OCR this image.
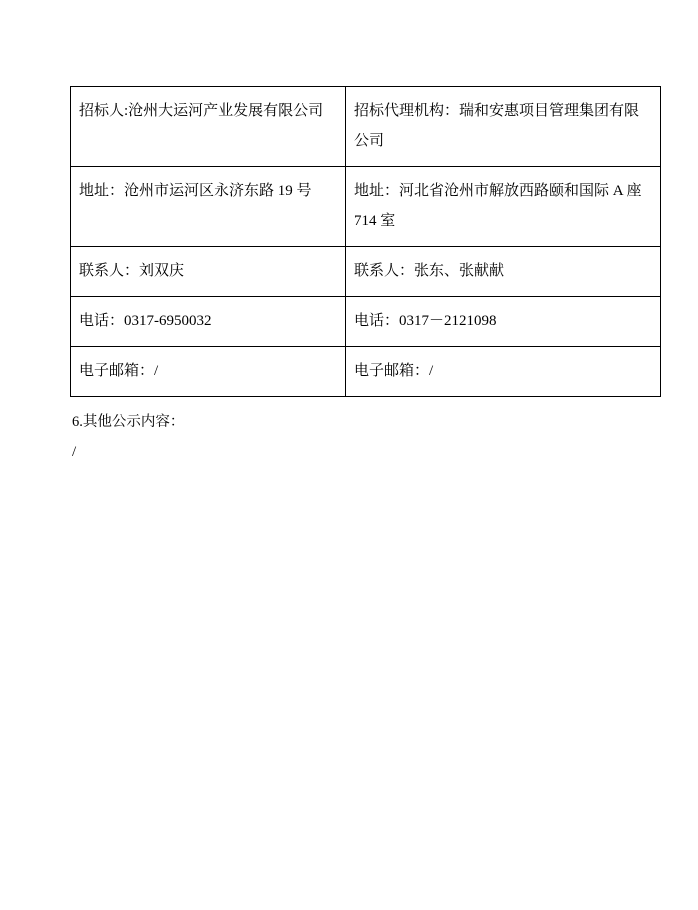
招标人:沧州大运河产业发展有限公司	招标代理机构：瑞和安惠项目管理集团有限公司

地址：沧州市运河区永济东路 19 号	地址：河北省沧州市解放西路颐和国际 A 座 714 室

联系人：刘双庆	联系人：张东、张献献

电话：0317-6950032	电话：0317－2121098

电子邮箱：/	电子邮箱：/
6.其他公示内容：
/
